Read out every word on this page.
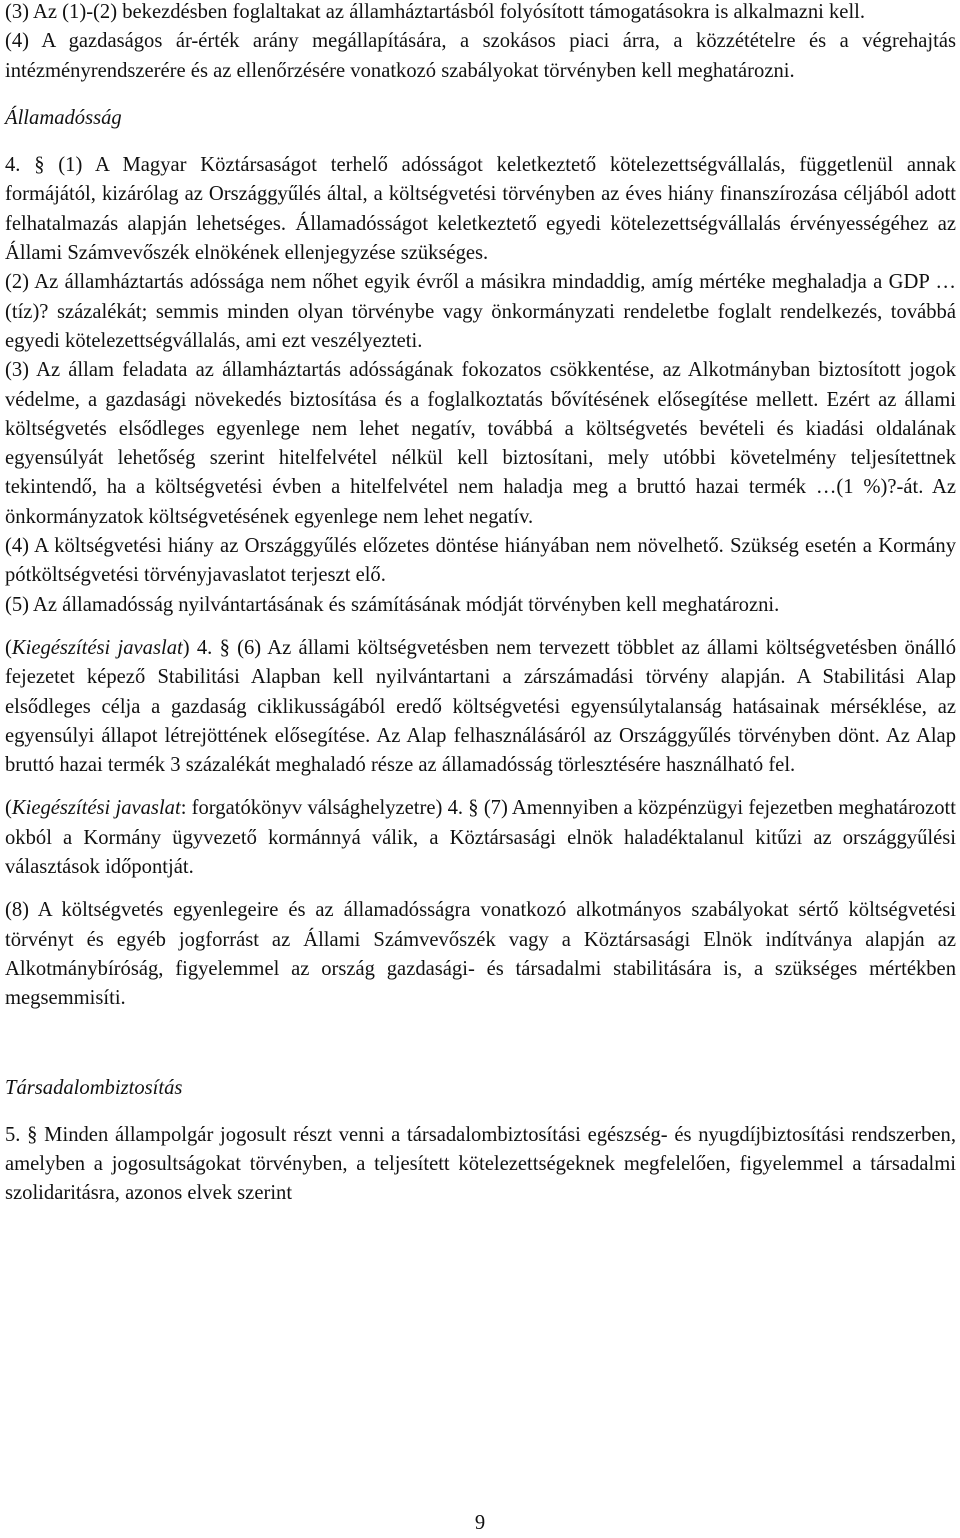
(3) Az (1)-(2) bekezdésben foglaltakat az államháztartásból folyósított támogatásokra is alkalmazni kell.

(4) A gazdaságos ár-érték arány megállapítására, a szokásos piaci árra, a közzétételre és a végrehajtás intézményrendszerére és az ellenőrzésére vonatkozó szabályokat törvényben kell meghatározni.

Államadósság

4. § (1) A Magyar Köztársaságot terhelő adósságot keletkeztető kötelezettségvállalás, függetlenül annak formájától, kizárólag az Országgyűlés által, a költségvetési törvényben az éves hiány finanszírozása céljából adott felhatalmazás alapján lehetséges. Államadósságot keletkeztető egyedi kötelezettségvállalás érvényességéhez az Állami Számvevőszék elnökének ellenjegyzése szükséges.

(2) Az államháztartás adóssága nem nőhet egyik évről a másikra mindaddig, amíg mértéke meghaladja a GDP … (tíz)? százalékát; semmis minden olyan törvénybe vagy önkormányzati rendeletbe foglalt rendelkezés, továbbá egyedi kötelezettségvállalás, ami ezt veszélyezteti.

(3) Az állam feladata az államháztartás adósságának fokozatos csökkentése, az Alkotmányban biztosított jogok védelme, a gazdasági növekedés biztosítása és a foglalkoztatás bővítésének elősegítése mellett. Ezért az állami költségvetés elsődleges egyenlege nem lehet negatív, továbbá a költségvetés bevételi és kiadási oldalának egyensúlyát lehetőség szerint hitelfelvétel nélkül kell biztosítani, mely utóbbi követelmény teljesítettnek tekintendő, ha a költségvetési évben a hitelfelvétel nem haladja meg a bruttó hazai termék …(1 %)?-át. Az önkormányzatok költségvetésének egyenlege nem lehet negatív.

(4) A költségvetési hiány az Országgyűlés előzetes döntése hiányában nem növelhető. Szükség esetén a Kormány pótköltségvetési törvényjavaslatot terjeszt elő.

(5) Az államadósság nyilvántartásának és számításának módját törvényben kell meghatározni.

(Kiegészítési javaslat) 4. § (6) Az állami költségvetésben nem tervezett többlet az állami költségvetésben önálló fejezetet képező Stabilitási Alapban kell nyilvántartani a zárszámadási törvény alapján. A Stabilitási Alap elsődleges célja a gazdaság ciklikusságából eredő költségvetési egyensúlytalanság hatásainak mérséklése, az egyensúlyi állapot létrejöttének elősegítése. Az Alap felhasználásáról az Országgyűlés törvényben dönt. Az Alap bruttó hazai termék 3 százalékát meghaladó része az államadósság törlesztésére használható fel.

(Kiegészítési javaslat: forgatókönyv válsághelyzetre) 4. § (7) Amennyiben a közpénzügyi fejezetben meghatározott okból a Kormány ügyvezető kormánnyá válik, a Köztársasági elnök haladéktalanul kitűzi az országgyűlési választások időpontját.

(8) A költségvetés egyenlegeire és az államadósságra vonatkozó alkotmányos szabályokat sértő költségvetési törvényt és egyéb jogforrást az Állami Számvevőszék vagy a Köztársasági Elnök indítványa alapján az Alkotmánybíróság, figyelemmel az ország gazdasági- és társadalmi stabilitására is, a szükséges mértékben megsemmisíti.

Társadalombiztosítás

5. § Minden állampolgár jogosult részt venni a társadalombiztosítási egészség- és nyugdíjbiztosítási rendszerben, amelyben a jogosultságokat törvényben, a teljesített kötelezettségeknek megfelelően, figyelemmel a társadalmi szolidaritásra, azonos elvek szerint

9
